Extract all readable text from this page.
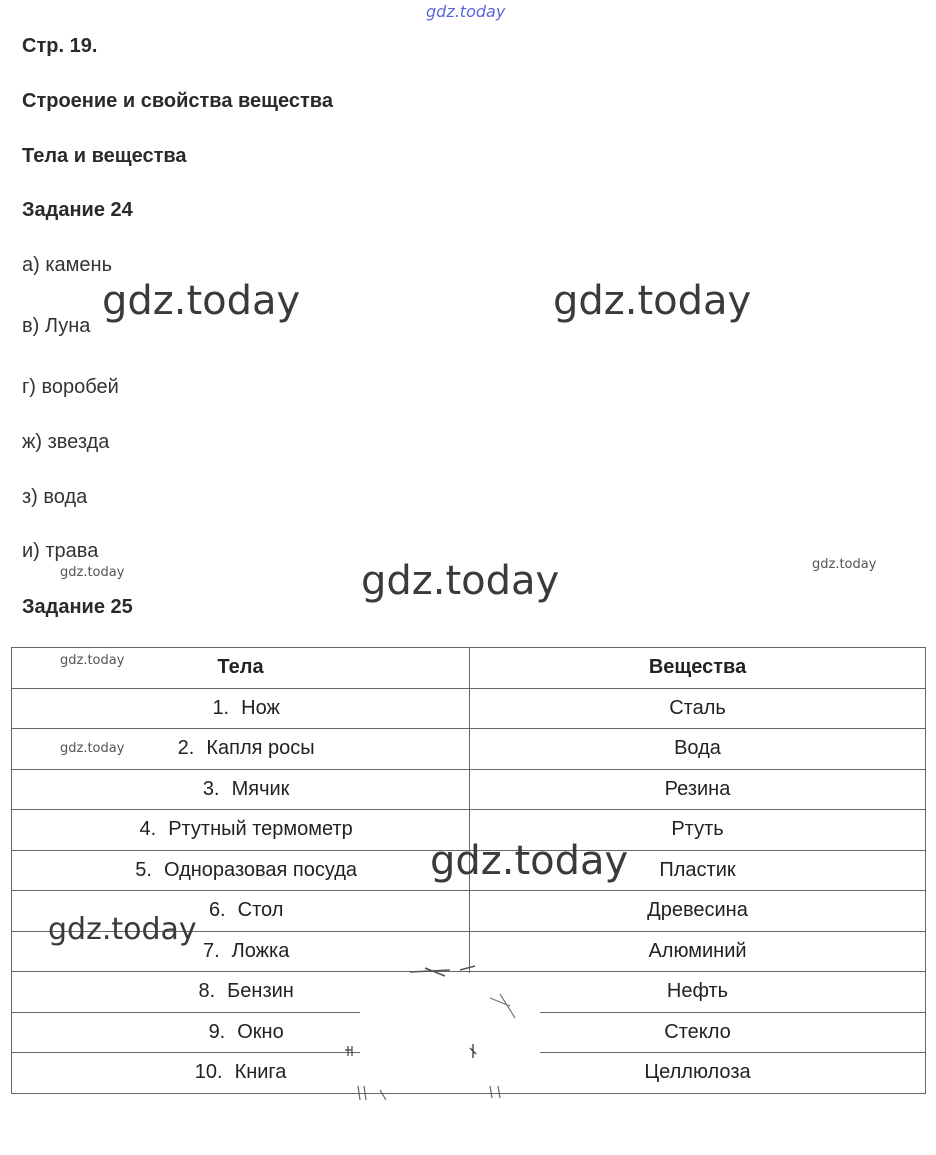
gdz.today
Стр. 19.
Строение и свойства вещества
Тела и вещества
Задание 24
а) камень
в) Луна
г) воробей
ж) звезда
з) вода
и) трава
Задание 25
gdz.today	gdz.today
gdz.today
gdz.today
gdz.today
Тела	Вещества
1. Нож	Сталь
2. Капля росы	Вода
3. Мячик	Резина
4. Ртутный термометр	Ртуть
5. Одноразовая посуда	Пластик
6. Стол	Древесина
7. Ложка	Алюминий
8. Бензин	Нефть
9. Окно	Стекло
10. Книга	Целлюлоза
gdz.today
gdz.today
gdz.today
gdz.today
